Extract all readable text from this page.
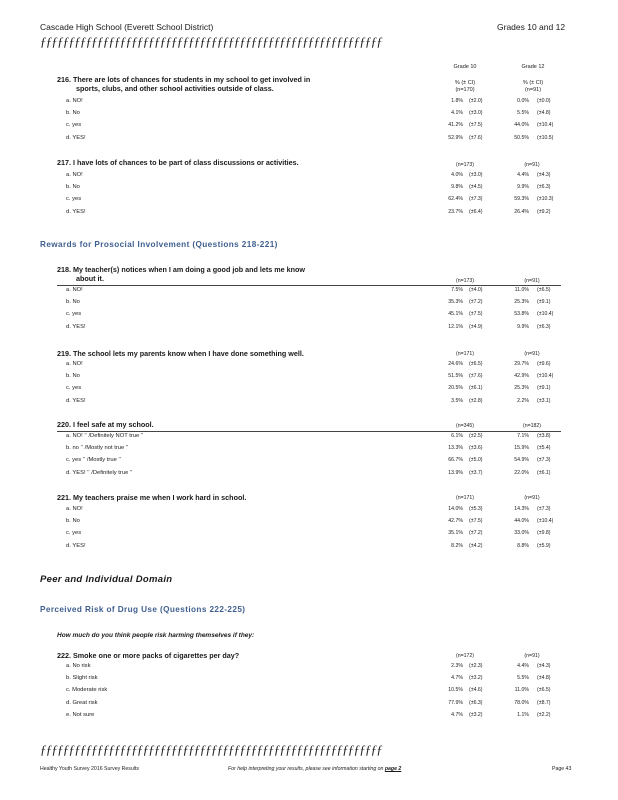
Cascade High School (Everett School District)	Grades 10 and 12
ƒƒƒƒƒƒƒƒƒƒƒƒƒƒƒƒƒƒƒƒƒƒƒƒƒƒƒƒƒƒƒƒƒƒƒƒƒƒƒƒƒƒƒƒƒƒƒƒƒƒƒƒƒƒƒƒƒƒƒƒ
Grade 10	Grade 12
% (± CI)	% (± CI)
(n=170)	(n=91)
Rewards for Prosocial Involvement (Questions 218-221)
Peer and Individual Domain
Perceived Risk of Drug Use (Questions 222-225)
How much do you think people risk harming themselves if they:
216. There are lots of chances for students in my school to get involved in
sports, clubs, and other school activities outside of class.
a. NO!	1.8% (±2.0)	0.0% (±0.0)
b. No	4.1% (±3.0)	5.5% (±4.8)
c. yes	41.2% (±7.5)	44.0% (±10.4)
d. YES!	52.9% (±7.6)	50.5% (±10.5)
217. I have lots of chances to be part of class discussions or activities.	(n=173)	(n=91)
a. NO!	4.0% (±3.0)	4.4% (±4.3)
b. No	9.8% (±4.5)	9.9% (±6.3)
c. yes	62.4% (±7.3)	59.3% (±10.3)
d. YES!	23.7% (±6.4)	26.4% (±9.2)
218. My teacher(s) notices when I am doing a good job and lets me know
about it.	(n=173)	(n=91)
a. NO!	7.5% (±4.0)	11.0% (±6.5)
b. No	35.3% (±7.2)	25.3% (±9.1)
c. yes	45.1% (±7.5)	53.8% (±10.4)
d. YES!	12.1% (±4.9)	9.9% (±6.3)
219. The school lets my parents know when I have done something well.	(n=171)	(n=91)
a. NO!	24.6% (±6.5)	29.7% (±9.6)
b. No	51.5% (±7.6)	42.9% (±10.4)
c. yes	20.5% (±6.1)	25.3% (±9.1)
d. YES!	3.5% (±2.8)	2.2% (±3.1)
220. I feel safe at my school.	(n=345)	(n=182)
a. NO! ‘‘ /Definitely NOT true ’’	6.1% (±2.5)	7.1% (±3.8)
b. no ‘‘ /Mostly not true ’’	13.3% (±3.6)	15.9% (±5.4)
c. yes ‘‘ /Mostly true ’’	66.7% (±5.0)	54.9% (±7.3)
d. YES! ‘‘ /Definitely true ’’	13.9% (±3.7)	22.0% (±6.1)
221. My teachers praise me when I work hard in school.	(n=171)	(n=91)
a. NO!	14.0% (±5.3)	14.3% (±7.3)
b. No	42.7% (±7.5)	44.0% (±10.4)
c. yes	35.1% (±7.2)	33.0% (±9.8)
d. YES!	8.2% (±4.2)	8.8% (±5.9)
222. Smoke one or more packs of cigarettes per day?	(n=172)	(n=91)
a. No risk	2.3% (±2.3)	4.4% (±4.3)
b. Slight risk	4.7% (±3.2)	5.5% (±4.8)
c. Moderate risk	10.5% (±4.6)	11.0% (±6.5)
d. Great risk	77.9% (±6.3)	78.0% (±8.7)
e. Not sure	4.7% (±3.2)	1.1% (±2.2)
ƒƒƒƒƒƒƒƒƒƒƒƒƒƒƒƒƒƒƒƒƒƒƒƒƒƒƒƒƒƒƒƒƒƒƒƒƒƒƒƒƒƒƒƒƒƒƒƒƒƒƒƒƒƒƒƒƒƒƒƒ
Healthy Youth Survey 2016 Survey Results	For help interpreting your results, please see information starting on page 2	Page 43
